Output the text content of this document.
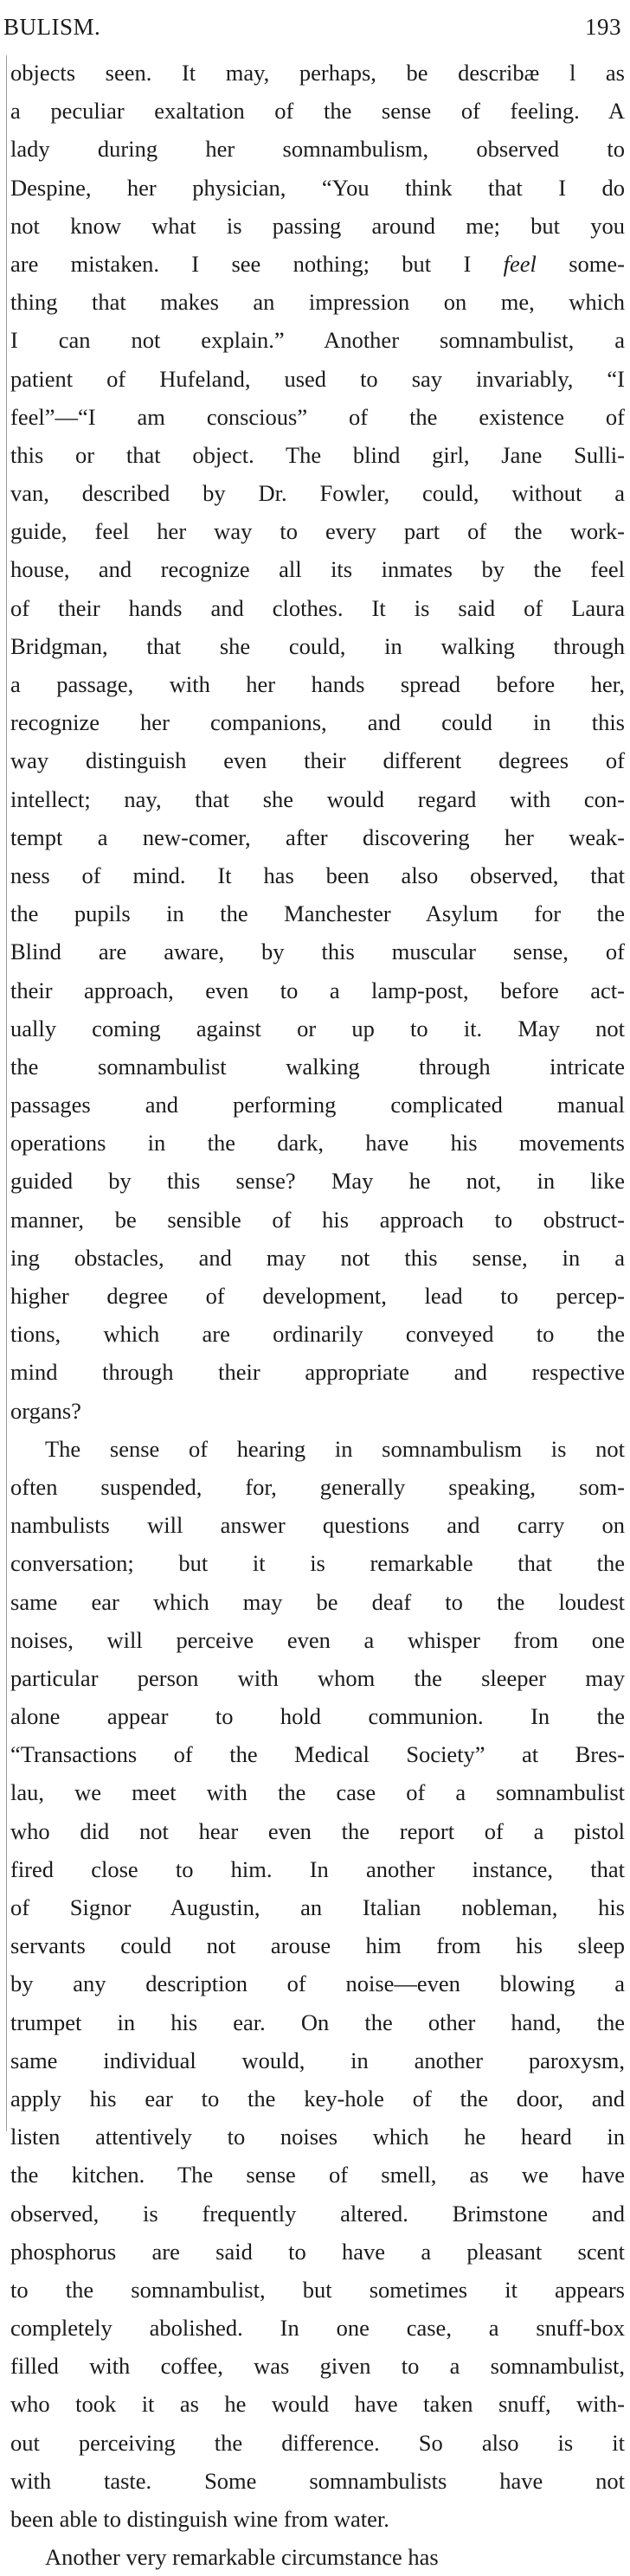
BULISM.	193
objects seen. It may, perhaps, be describæ l as
a peculiar exaltation of the sense of feeling. A
lady during her somnambulism, observed to
Despine, her physician, “You think that I do
not know what is passing around me; but you
are mistaken. I see nothing; but I feel some-
thing that makes an impression on me, which
I can not explain.” Another somnambulist, a
patient of Hufeland, used to say invariably, “I
feel”—“I am conscious” of the existence of
this or that object. The blind girl, Jane Sulli-
van, described by Dr. Fowler, could, without a
guide, feel her way to every part of the work-
house, and recognize all its inmates by the feel
of their hands and clothes. It is said of Laura
Bridgman, that she could, in walking through
a passage, with her hands spread before her,
recognize her companions, and could in this
way distinguish even their different degrees of
intellect; nay, that she would regard with con-
tempt a new-comer, after discovering her weak-
ness of mind. It has been also observed, that
the pupils in the Manchester Asylum for the
Blind are aware, by this muscular sense, of
their approach, even to a lamp-post, before act-
ually coming against or up to it. May not
the somnambulist walking through intricate
passages and performing complicated manual
operations in the dark, have his movements
guided by this sense? May he not, in like
manner, be sensible of his approach to obstruct-
ing obstacles, and may not this sense, in a
higher degree of development, lead to percep-
tions, which are ordinarily conveyed to the
mind through their appropriate and respective
organs?
The sense of hearing in somnambulism is not
often suspended, for, generally speaking, som-
nambulists will answer questions and carry on
conversation; but it is remarkable that the
same ear which may be deaf to the loudest
noises, will perceive even a whisper from one
particular person with whom the sleeper may
alone appear to hold communion. In the
“Transactions of the Medical Society” at Bres-
lau, we meet with the case of a somnambulist
who did not hear even the report of a pistol
fired close to him. In another instance, that
of Signor Augustin, an Italian nobleman, his
servants could not arouse him from his sleep
by any description of noise—even blowing a
trumpet in his ear. On the other hand, the
same individual would, in another paroxysm,
apply his ear to the key-hole of the door, and
listen attentively to noises which he heard in
the kitchen. The sense of smell, as we have
observed, is frequently altered. Brimstone and
phosphorus are said to have a pleasant scent
to the somnambulist, but sometimes it appears
completely abolished. In one case, a snuff-box
filled with coffee, was given to a somnambulist,
who took it as he would have taken snuff, with-
out perceiving the difference. So also is it
with taste. Some somnambulists have not
been able to distinguish wine from water.
Another very remarkable circumstance has
